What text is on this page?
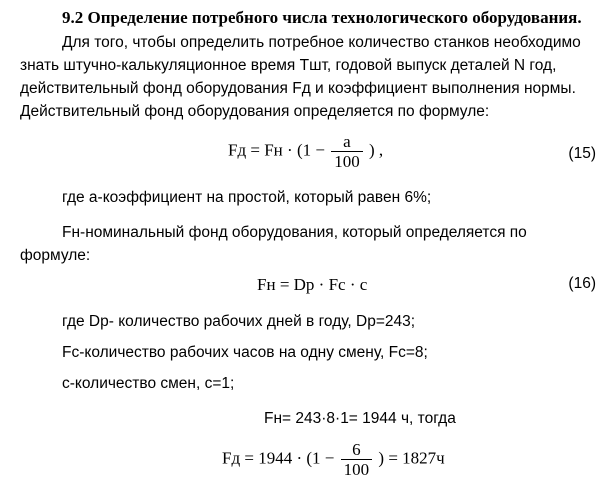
9.2 Определение потребного числа технологического оборудования.

Для того, чтобы определить потребное количество станков необходимо

знать штучно-калькуляционное время Тшт, годовой выпуск деталей N год,

действительный фонд оборудования Fд и коэффициент выполнения нормы.

Действительный фонд оборудования определяется по формуле:

Fд = Fн · ($1 - \frac{a}{100}$ ) ,	(15)
где а-коэффициент на простой, который равен 6%;

Fн-номинальный фонд оборудования, который определяется по

формуле:

Fн = Dр · Fс · с	(16)
где Dр- количество рабочих дней в году, Dр=243;
Fс-количество рабочих часов на одну смену, Fс=8;
с-количество смен, с=1;
Fн= 243·8·1= 1944 ч, тогда
Fд = $1944 \cdot (1 - \frac{6}{100}$ ) = 1827ч
